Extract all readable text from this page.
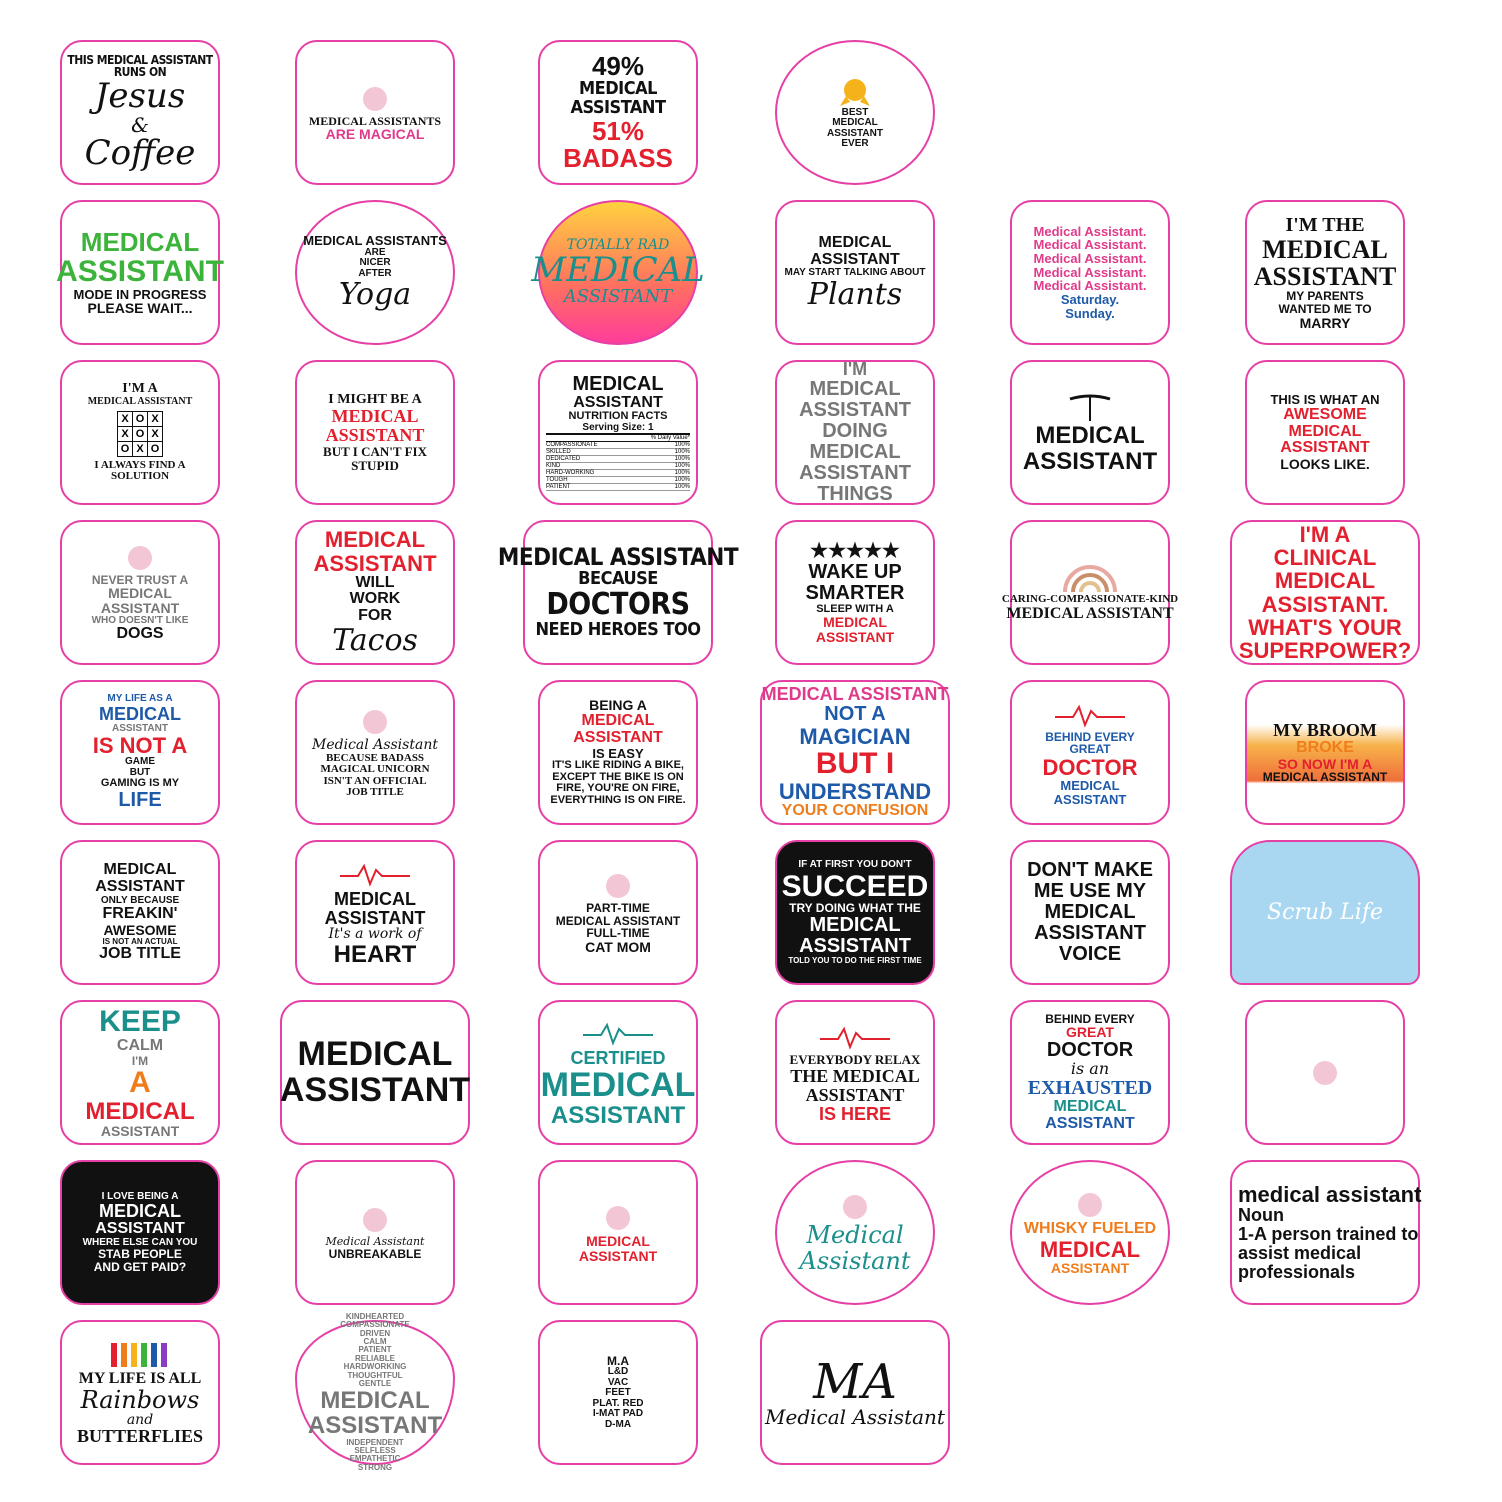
THIS MEDICAL ASSISTANT
RUNS ON
Jesus
&
Coffee
MEDICAL ASSISTANTS
ARE MAGICAL
49%
MEDICAL
ASSISTANT
51%
BADASS
BEST
MEDICAL
ASSISTANT
EVER
MEDICAL
ASSISTANT
MODE IN PROGRESS
PLEASE WAIT...
MEDICAL ASSISTANTS
ARE
NICER
AFTER
Yoga
TOTALLY RAD
MEDICAL
ASSISTANT
MEDICAL
ASSISTANT
MAY START TALKING ABOUT
Plants
Medical Assistant.
Medical Assistant.
Medical Assistant.
Medical Assistant.
Medical Assistant.
Saturday.
Sunday.
I'M THE
MEDICAL
ASSISTANT
MY PARENTS
WANTED ME TO
MARRY
I'M A
MEDICAL ASSISTANT
X O X
X O X
O X O
I ALWAYS FIND A
SOLUTION
I MIGHT BE A
MEDICAL
ASSISTANT
BUT I CAN'T FIX
STUPID
MEDICAL
ASSISTANT
NUTRITION FACTS
Serving Size: 1
% Daily Value*
COMPASSIONATE	100%
SKILLED	100%
DEDICATED	100%
KIND	100%
HARD-WORKING	100%
TOUGH	100%
PATIENT	100%
I'M
MEDICAL
ASSISTANT
DOING
MEDICAL
ASSISTANT
THINGS
MEDICAL
ASSISTANT
THIS IS WHAT AN
AWESOME
MEDICAL
ASSISTANT
LOOKS LIKE.
NEVER TRUST A
MEDICAL
ASSISTANT
WHO DOESN'T LIKE
DOGS
MEDICAL
ASSISTANT
WILL
WORK
FOR
Tacos
MEDICAL ASSISTANT
BECAUSE
DOCTORS
NEED HEROES TOO
★★★★★
WAKE UP
SMARTER
SLEEP WITH A
MEDICAL
ASSISTANT
CARING-COMPASSIONATE-KIND
MEDICAL ASSISTANT
I'M A
CLINICAL
MEDICAL
ASSISTANT.
WHAT'S YOUR
SUPERPOWER?
MY LIFE AS A
MEDICAL
ASSISTANT
IS NOT A
GAME
BUT
GAMING IS MY
LIFE
Medical Assistant
BECAUSE BADASS
MAGICAL UNICORN
ISN'T AN OFFICIAL
JOB TITLE
BEING A
MEDICAL
ASSISTANT
IS EASY
IT'S LIKE RIDING A BIKE,
EXCEPT THE BIKE IS ON
FIRE, YOU'RE ON FIRE,
EVERYTHING IS ON FIRE.
MEDICAL ASSISTANT
NOT A
MAGICIAN
BUT I
UNDERSTAND
YOUR CONFUSION
BEHIND EVERY
GREAT
DOCTOR
MEDICAL
ASSISTANT
MY BROOM
BROKE
SO NOW I'M A
MEDICAL ASSISTANT
MEDICAL
ASSISTANT
ONLY BECAUSE
FREAKIN'
AWESOME
IS NOT AN ACTUAL
JOB TITLE
MEDICAL
ASSISTANT
It's a work of
HEART
PART-TIME
MEDICAL ASSISTANT
FULL-TIME
CAT MOM
IF AT FIRST YOU DON'T
SUCCEED
TRY DOING WHAT THE
MEDICAL
ASSISTANT
TOLD YOU TO DO THE FIRST TIME
DON'T MAKE
ME USE MY
MEDICAL
ASSISTANT
VOICE
Scrub Life
KEEP
CALM
I'M
A
MEDICAL
ASSISTANT
MEDICAL
ASSISTANT
CERTIFIED
MEDICAL
ASSISTANT
EVERYBODY RELAX
THE MEDICAL
ASSISTANT
IS HERE
BEHIND EVERY
GREAT
DOCTOR
is an
EXHAUSTED
MEDICAL
ASSISTANT
I LOVE BEING A
MEDICAL
ASSISTANT
WHERE ELSE CAN YOU
STAB PEOPLE
AND GET PAID?
Medical Assistant
UNBREAKABLE
MEDICAL
ASSISTANT
Medical
Assistant
WHISKY FUELED
MEDICAL
ASSISTANT
medical assistant
Noun
1-A person trained to
assist medical
professionals
MY LIFE IS ALL
Rainbows
and
BUTTERFLIES
KINDHEARTED
COMPASSIONATE
DRIVEN
CALM
PATIENT
RELIABLE
HARDWORKING
THOUGHTFUL
GENTLE
MEDICAL
ASSISTANT
INDEPENDENT
SELFLESS
EMPATHETIC
STRONG
M.A
L&D
VAC
FEET
PLAT. RED
I-MAT PAD
D-MA
MA
Medical Assistant
